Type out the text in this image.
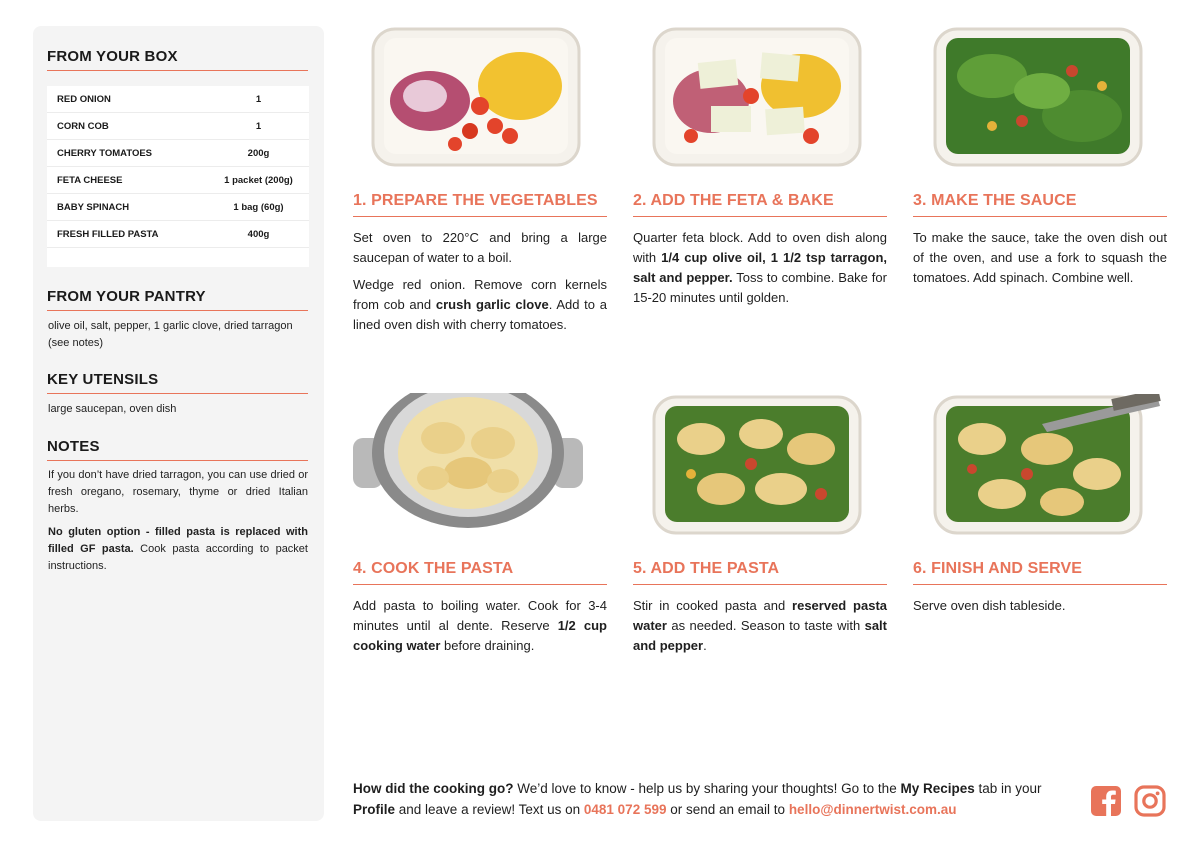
FROM YOUR BOX
RED ONION	1
CORN COB	1
CHERRY TOMATOES	200g
FETA CHEESE	1 packet (200g)
BABY SPINACH	1 bag (60g)
FRESH FILLED PASTA	400g
FROM YOUR PANTRY

olive oil, salt, pepper, 1 garlic clove, dried tarragon (see notes)

KEY UTENSILS

large saucepan, oven dish

NOTES

If you don’t have dried tarragon, you can use dried or fresh oregano, rosemary, thyme or dried Italian herbs.

No gluten option - filled pasta is replaced with filled GF pasta. Cook pasta according to packet instructions.

1. PREPARE THE VEGETABLES

Set oven to 220°C and bring a large saucepan of water to a boil.

Wedge red onion. Remove corn kernels from cob and crush garlic clove. Add to a lined oven dish with cherry tomatoes.

2. ADD THE FETA & BAKE

Quarter feta block. Add to oven dish along with 1/4 cup olive oil, 1 1/2 tsp tarragon, salt and pepper. Toss to combine. Bake for 15-20 minutes until golden.

3. MAKE THE SAUCE

To make the sauce, take the oven dish out of the oven, and use a fork to squash the tomatoes. Add spinach. Combine well.

4. COOK THE PASTA

Add pasta to boiling water. Cook for 3-4 minutes until al dente. Reserve 1/2 cup cooking water before draining.

5. ADD THE PASTA

Stir in cooked pasta and reserved pasta water as needed. Season to taste with salt and pepper.

6. FINISH AND SERVE

Serve oven dish tableside.

How did the cooking go? We’d love to know - help us by sharing your thoughts! Go to the My Recipes tab in your Profile and leave a review! Text us on 0481 072 599 or send an email to hello@dinnertwist.com.au
